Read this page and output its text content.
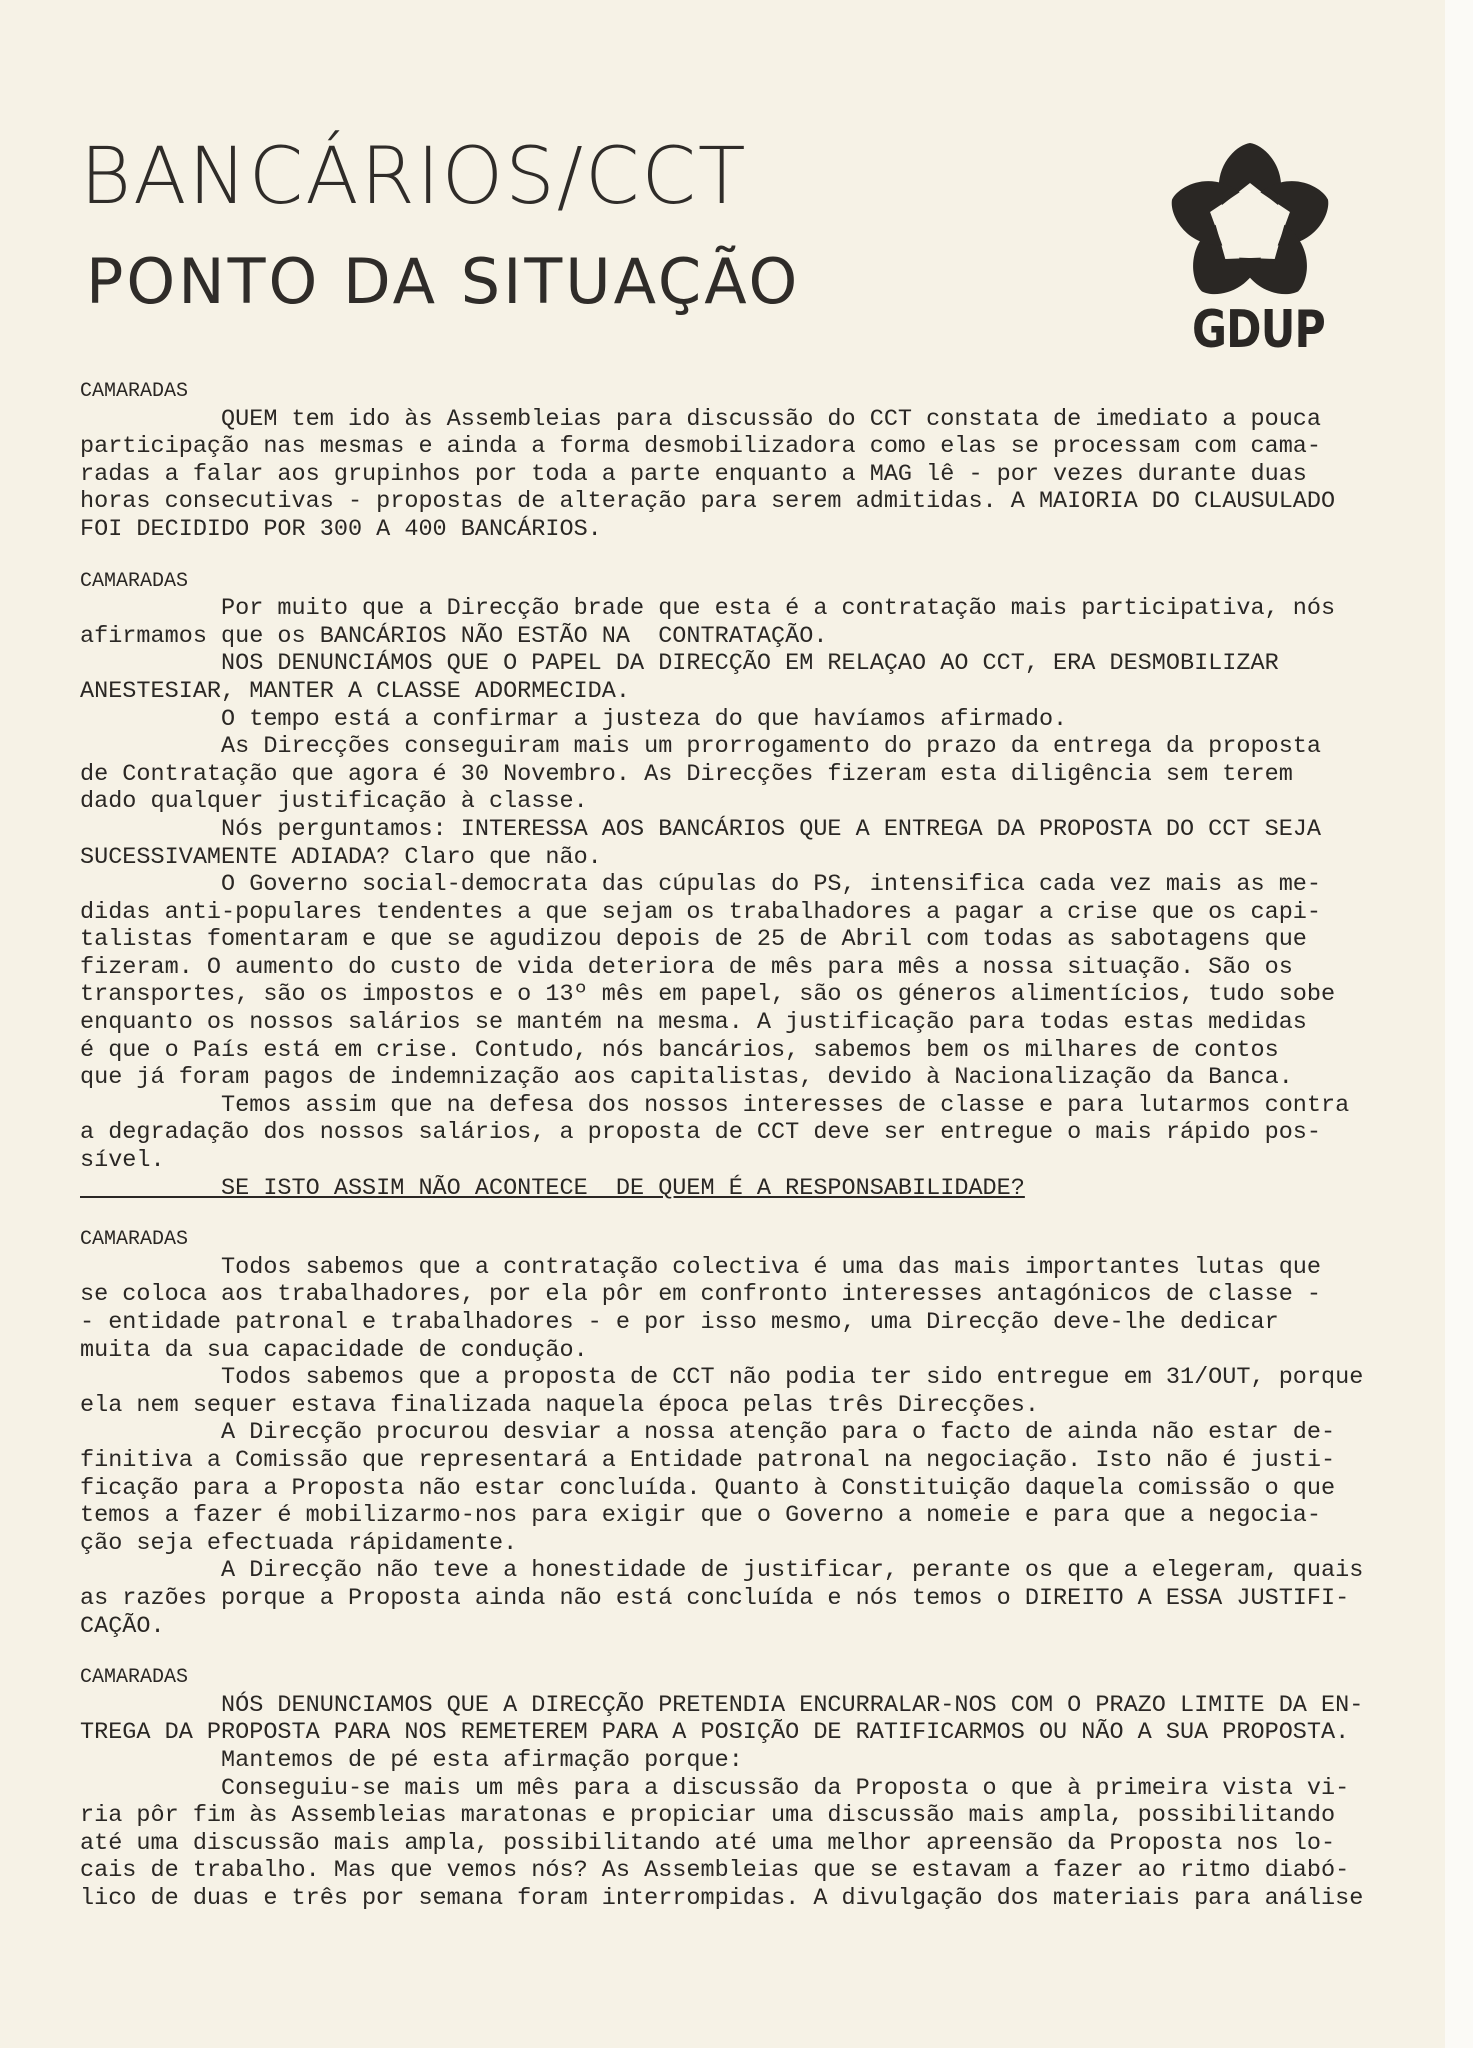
BANCÁRIOS/CCT
PONTO DA SITUAÇÃO
GDUP
CAMARADAS
QUEM tem ido às Assembleias para discussão do CCT constata de imediato a pouca
participação nas mesmas e ainda a forma desmobilizadora como elas se processam com cama-
radas a falar aos grupinhos por toda a parte enquanto a MAG lê - por vezes durante duas
horas consecutivas - propostas de alteração para serem admitidas. A MAIORIA DO CLAUSULADO
FOI DECIDIDO POR 300 A 400 BANCÁRIOS.
CAMARADAS
Por muito que a Direcção brade que esta é a contratação mais participativa, nós
afirmamos que os BANCÁRIOS NÃO ESTÃO NA  CONTRATAÇÃO.
NOS DENUNCIÁMOS QUE O PAPEL DA DIRECÇÃO EM RELAÇAO AO CCT, ERA DESMOBILIZAR
ANESTESIAR, MANTER A CLASSE ADORMECIDA.
O tempo está a confirmar a justeza do que havíamos afirmado.
As Direcções conseguiram mais um prorrogamento do prazo da entrega da proposta
de Contratação que agora é 30 Novembro. As Direcções fizeram esta diligência sem terem
dado qualquer justificação à classe.
Nós perguntamos: INTERESSA AOS BANCÁRIOS QUE A ENTREGA DA PROPOSTA DO CCT SEJA
SUCESSIVAMENTE ADIADA? Claro que não.
O Governo social-democrata das cúpulas do PS, intensifica cada vez mais as me-
didas anti-populares tendentes a que sejam os trabalhadores a pagar a crise que os capi-
talistas fomentaram e que se agudizou depois de 25 de Abril com todas as sabotagens que
fizeram. O aumento do custo de vida deteriora de mês para mês a nossa situação. São os
transportes, são os impostos e o 13º mês em papel, são os géneros alimentícios, tudo sobe
enquanto os nossos salários se mantém na mesma. A justificação para todas estas medidas
é que o País está em crise. Contudo, nós bancários, sabemos bem os milhares de contos
que já foram pagos de indemnização aos capitalistas, devido à Nacionalização da Banca.
Temos assim que na defesa dos nossos interesses de classe e para lutarmos contra
a degradação dos nossos salários, a proposta de CCT deve ser entregue o mais rápido pos-
sível.
SE ISTO ASSIM NÃO ACONTECE  DE QUEM É A RESPONSABILIDADE?
CAMARADAS
Todos sabemos que a contratação colectiva é uma das mais importantes lutas que
se coloca aos trabalhadores, por ela pôr em confronto interesses antagónicos de classe -
- entidade patronal e trabalhadores - e por isso mesmo, uma Direcção deve-lhe dedicar
muita da sua capacidade de condução.
Todos sabemos que a proposta de CCT não podia ter sido entregue em 31/OUT, porque
ela nem sequer estava finalizada naquela época pelas três Direcções.
A Direcção procurou desviar a nossa atenção para o facto de ainda não estar de-
finitiva a Comissão que representará a Entidade patronal na negociação. Isto não é justi-
ficação para a Proposta não estar concluída. Quanto à Constituição daquela comissão o que
temos a fazer é mobilizarmo-nos para exigir que o Governo a nomeie e para que a negocia-
ção seja efectuada rápidamente.
A Direcção não teve a honestidade de justificar, perante os que a elegeram, quais
as razões porque a Proposta ainda não está concluída e nós temos o DIREITO A ESSA JUSTIFI-
CAÇÃO.
CAMARADAS
NÓS DENUNCIAMOS QUE A DIRECÇÃO PRETENDIA ENCURRALAR-NOS COM O PRAZO LIMITE DA EN-
TREGA DA PROPOSTA PARA NOS REMETEREM PARA A POSIÇÃO DE RATIFICARMOS OU NÃO A SUA PROPOSTA.
Mantemos de pé esta afirmação porque:
Conseguiu-se mais um mês para a discussão da Proposta o que à primeira vista vi-
ria pôr fim às Assembleias maratonas e propiciar uma discussão mais ampla, possibilitando
até uma discussão mais ampla, possibilitando até uma melhor apreensão da Proposta nos lo-
cais de trabalho. Mas que vemos nós? As Assembleias que se estavam a fazer ao ritmo diabó-
lico de duas e três por semana foram interrompidas. A divulgação dos materiais para análise
